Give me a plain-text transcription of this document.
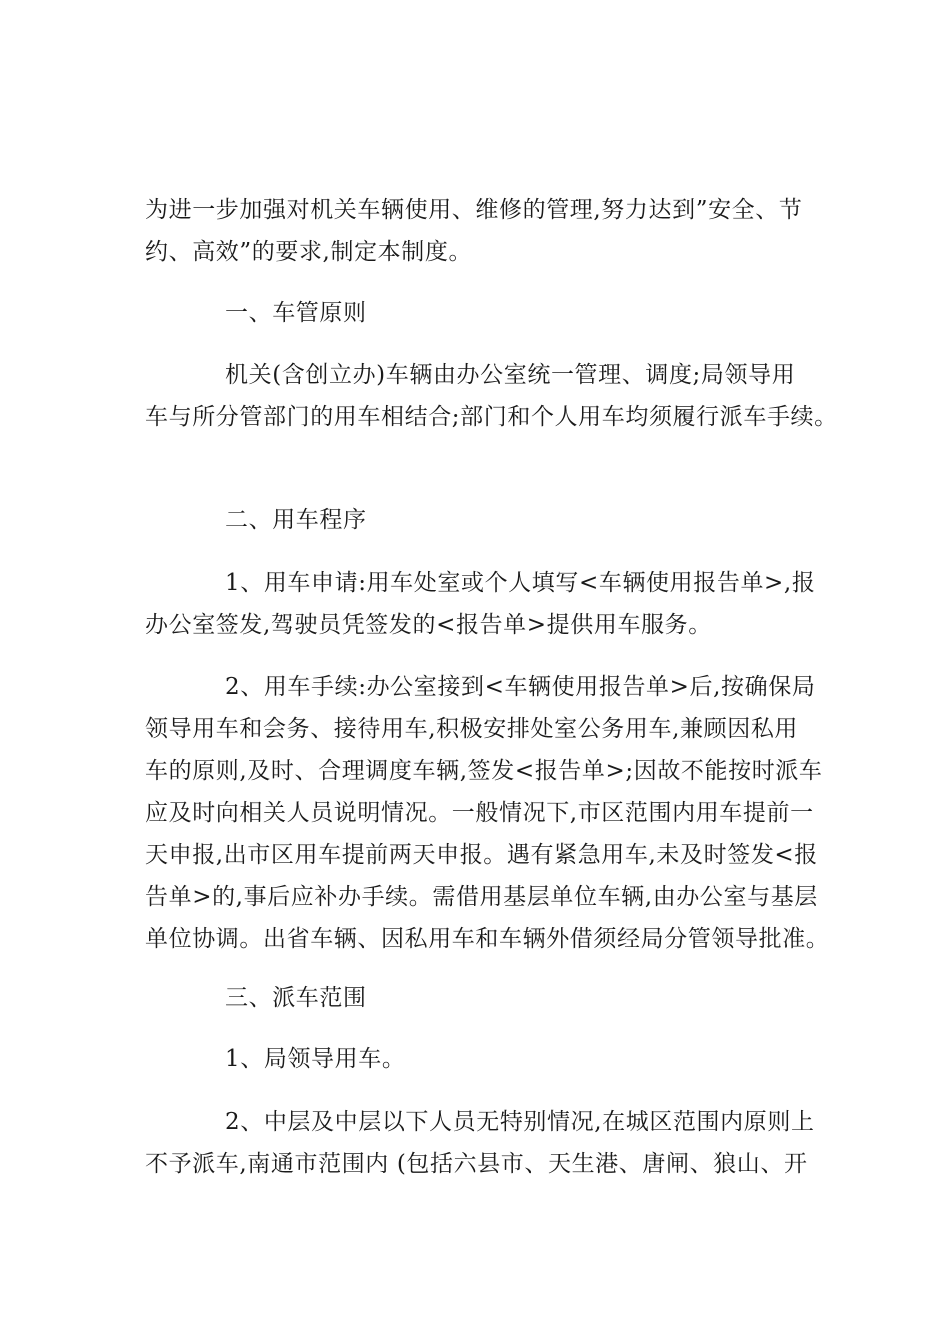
为进一步加强对机关车辆使用、维修的管理,努力达到”安全、节
约、高效”的要求,制定本制度。
一、车管原则
机关(含创立办)车辆由办公室统一管理、调度;局领导用
车与所分管部门的用车相结合;部门和个人用车均须履行派车手续。
二、用车程序
1、用车申请:用车处室或个人填写<车辆使用报告单>,报
办公室签发,驾驶员凭签发的<报告单>提供用车服务。
2、用车手续:办公室接到<车辆使用报告单>后,按确保局
领导用车和会务、接待用车,积极安排处室公务用车,兼顾因私用
车的原则,及时、合理调度车辆,签发<报告单>;因故不能按时派车
应及时向相关人员说明情况。一般情况下,市区范围内用车提前一
天申报,出市区用车提前两天申报。遇有紧急用车,未及时签发<报
告单>的,事后应补办手续。需借用基层单位车辆,由办公室与基层
单位协调。出省车辆、因私用车和车辆外借须经局分管领导批准。
三、派车范围
1、局领导用车。
2、中层及中层以下人员无特别情况,在城区范围内原则上
不予派车,南通市范围内 (包括六县市、天生港、唐闸、狼山、开
